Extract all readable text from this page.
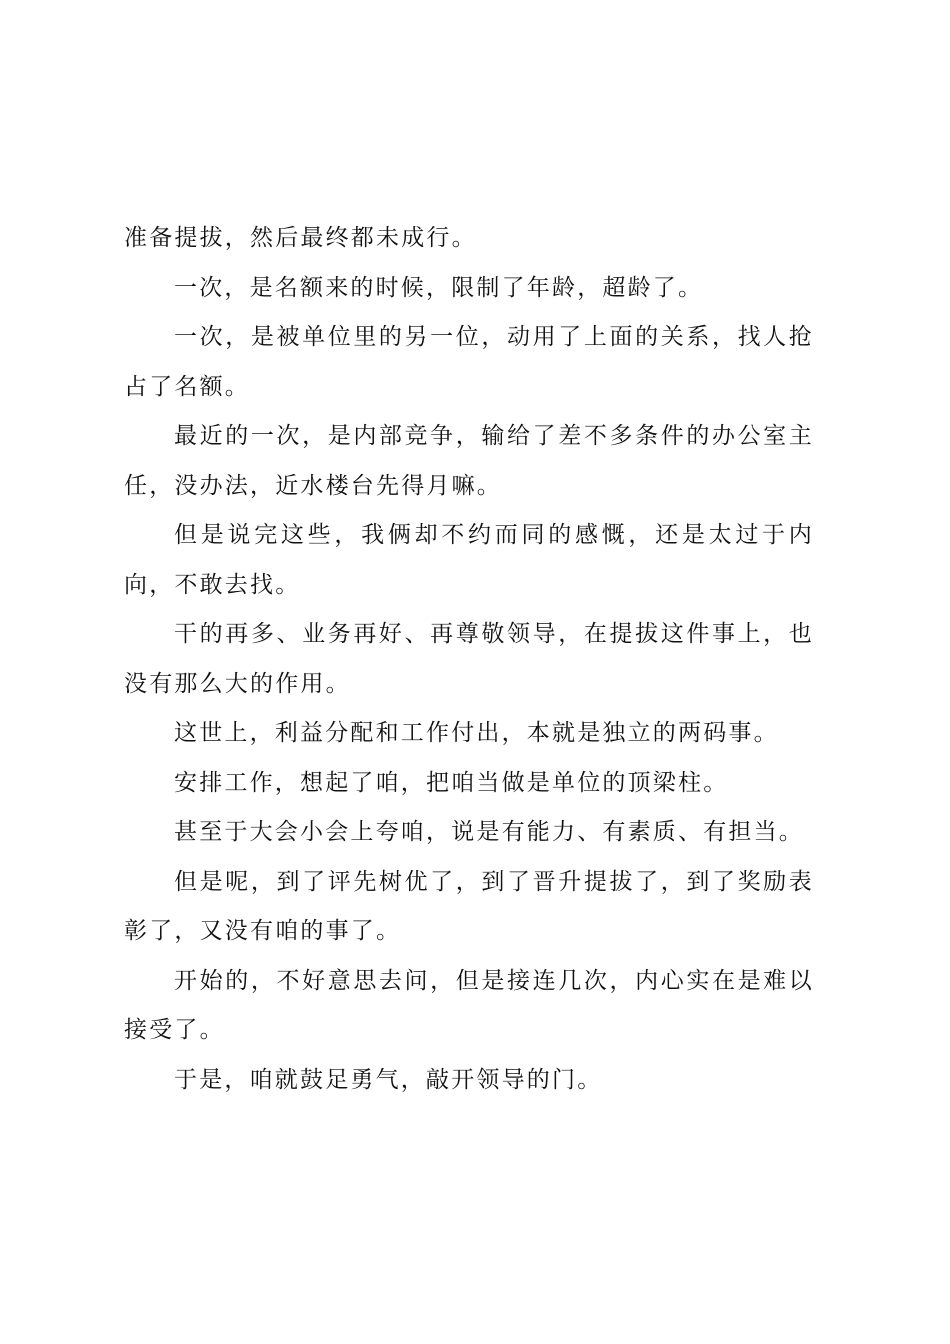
准备提拔，然后最终都未成行。

一次，是名额来的时候，限制了年龄，超龄了。

一次，是被单位里的另一位，动用了上面的关系，找人抢占了名额。

最近的一次，是内部竞争，输给了差不多条件的办公室主任，没办法，近水楼台先得月嘛。

但是说完这些，我俩却不约而同的感慨，还是太过于内向，不敢去找。

干的再多、业务再好、再尊敬领导，在提拔这件事上，也没有那么大的作用。

这世上，利益分配和工作付出，本就是独立的两码事。

安排工作，想起了咱，把咱当做是单位的顶梁柱。

甚至于大会小会上夸咱，说是有能力、有素质、有担当。

但是呢，到了评先树优了，到了晋升提拔了，到了奖励表彰了，又没有咱的事了。

开始的，不好意思去问，但是接连几次，内心实在是难以接受了。

于是，咱就鼓足勇气，敲开领导的门。
